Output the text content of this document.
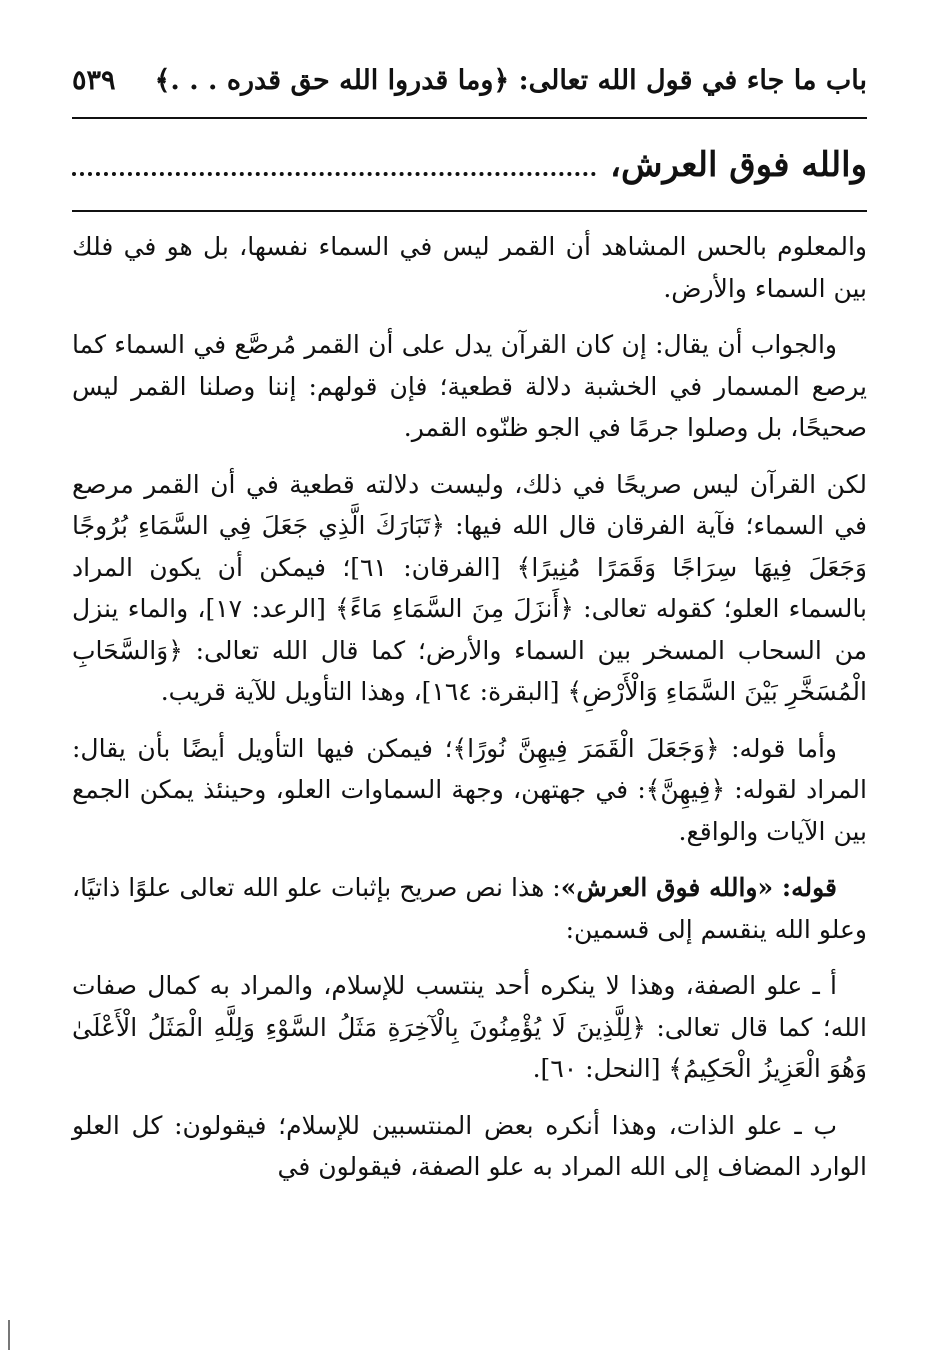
باب ما جاء في قول الله تعالى: ﴿وما قدروا الله حق قدره . . .﴾
٥٣٩
والله فوق العرش،

والمعلوم بالحس المشاهد أن القمر ليس في السماء نفسها، بل هو في فلك بين السماء والأرض.

والجواب أن يقال: إن كان القرآن يدل على أن القمر مُرصَّع في السماء كما يرصع المسمار في الخشبة دلالة قطعية؛ فإن قولهم: إننا وصلنا القمر ليس صحيحًا، بل وصلوا جرمًا في الجو ظنّوه القمر.

لكن القرآن ليس صريحًا في ذلك، وليست دلالته قطعية في أن القمر مرصع في السماء؛ فآية الفرقان قال الله فيها: ﴿تَبَارَكَ الَّذِي جَعَلَ فِي السَّمَاءِ بُرُوجًا وَجَعَلَ فِيهَا سِرَاجًا وَقَمَرًا مُنِيرًا﴾ [الفرقان: ٦١]؛ فيمكن أن يكون المراد بالسماء العلو؛ كقوله تعالى: ﴿أَنزَلَ مِنَ السَّمَاءِ مَاءً﴾ [الرعد: ١٧]، والماء ينزل من السحاب المسخر بين السماء والأرض؛ كما قال الله تعالى: ﴿وَالسَّحَابِ الْمُسَخَّرِ بَيْنَ السَّمَاءِ وَالْأَرْضِ﴾ [البقرة: ١٦٤]، وهذا التأويل للآية قريب.

وأما قوله: ﴿وَجَعَلَ الْقَمَرَ فِيهِنَّ نُورًا﴾؛ فيمكن فيها التأويل أيضًا بأن يقال: المراد لقوله: ﴿فِيهِنَّ﴾: في جهتهن، وجهة السماوات العلو، وحينئذ يمكن الجمع بين الآيات والواقع.

قوله: «والله فوق العرش»: هذا نص صريح بإثبات علو الله تعالى علوًا ذاتيًا، وعلو الله ينقسم إلى قسمين:

أ ـ علو الصفة، وهذا لا ينكره أحد ينتسب للإسلام، والمراد به كمال صفات الله؛ كما قال تعالى: ﴿لِلَّذِينَ لَا يُؤْمِنُونَ بِالْآخِرَةِ مَثَلُ السَّوْءِ وَلِلَّهِ الْمَثَلُ الْأَعْلَىٰ وَهُوَ الْعَزِيزُ الْحَكِيمُ﴾ [النحل: ٦٠].

ب ـ علو الذات، وهذا أنكره بعض المنتسبين للإسلام؛ فيقولون: كل العلو الوارد المضاف إلى الله المراد به علو الصفة، فيقولون في
